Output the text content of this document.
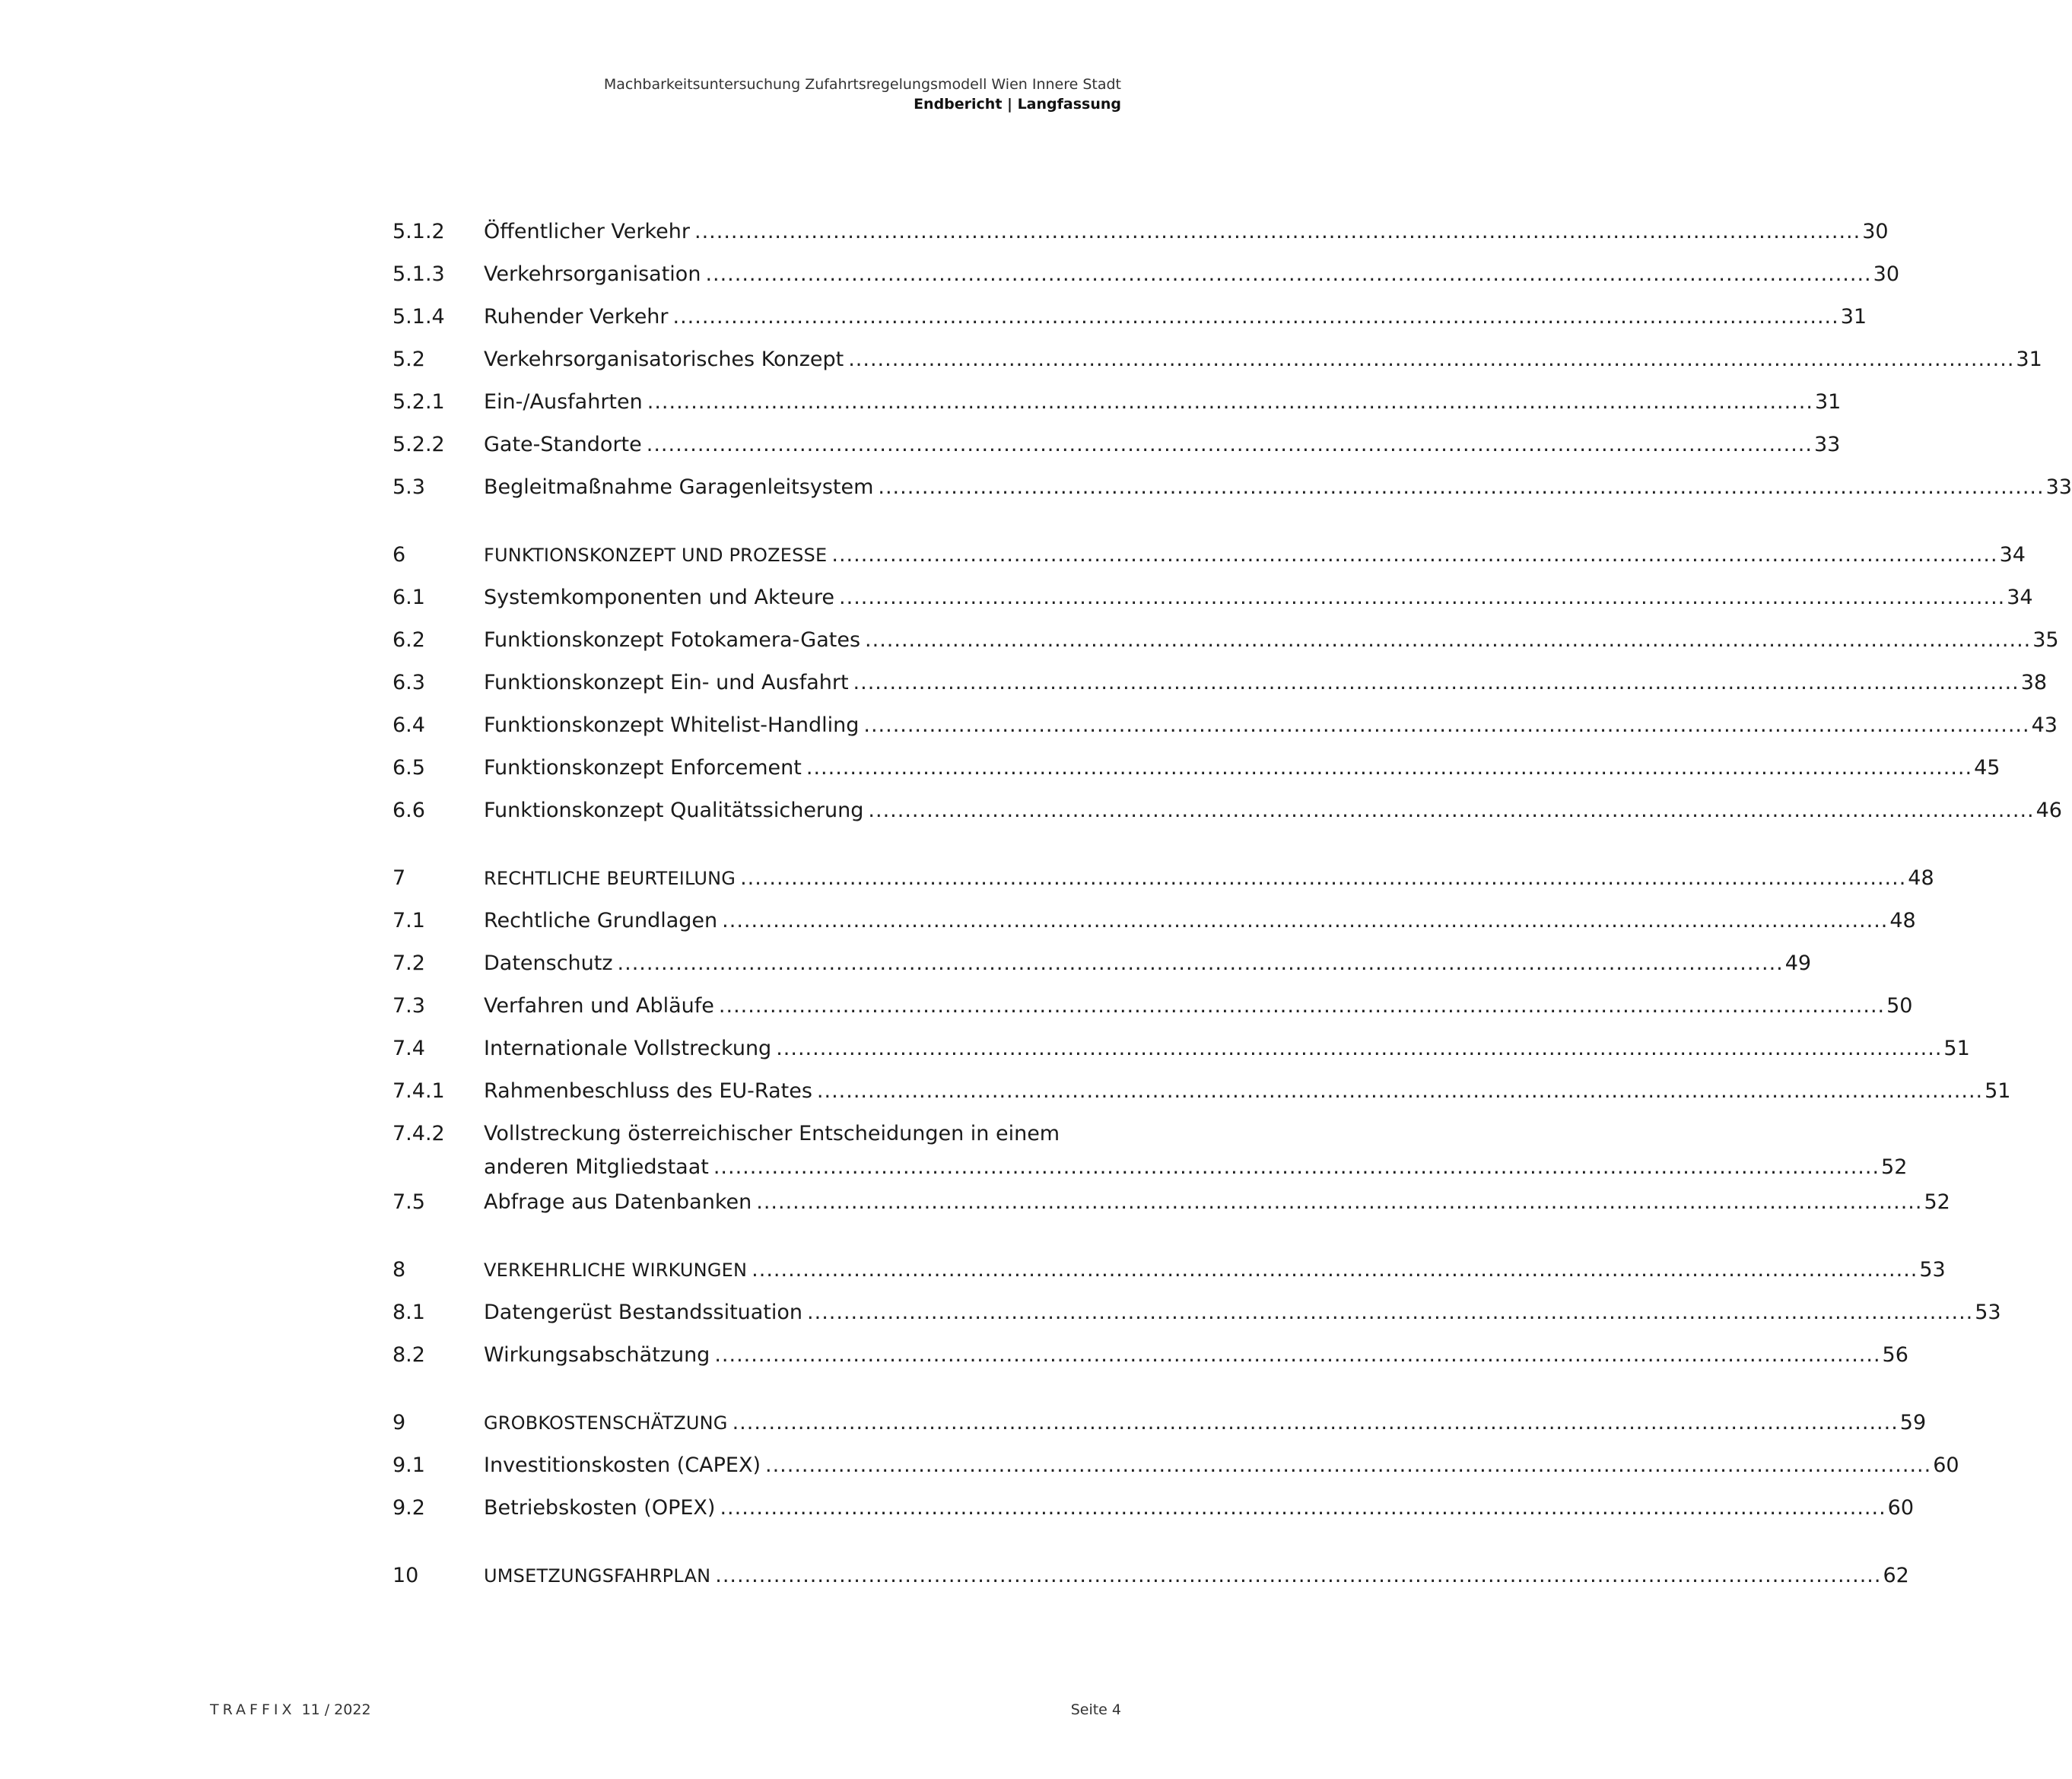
Machbarkeitsuntersuchung Zufahrtsregelungsmodell Wien Innere Stadt
Endbericht | Langfassung
5.1.2	Öffentlicher Verkehr .....	30
5.1.3	Verkehrsorganisation .....	30
5.1.4	Ruhender Verkehr .....	31
5.2	Verkehrsorganisatorisches Konzept .....	31
5.2.1	Ein-/Ausfahrten .....	31
5.2.2	Gate-Standorte .....	33
5.3	Begleitmaßnahme Garagenleitsystem .....	33
6	FUNKTIONSKONZEPT UND PROZESSE .....	34
6.1	Systemkomponenten und Akteure .....	34
6.2	Funktionskonzept Fotokamera-Gates .....	35
6.3	Funktionskonzept Ein- und Ausfahrt .....	38
6.4	Funktionskonzept Whitelist-Handling .....	43
6.5	Funktionskonzept Enforcement .....	45
6.6	Funktionskonzept Qualitätssicherung .....	46
7	RECHTLICHE BEURTEILUNG .....	48
7.1	Rechtliche Grundlagen .....	48
7.2	Datenschutz .....	49
7.3	Verfahren und Abläufe .....	50
7.4	Internationale Vollstreckung .....	51
7.4.1	Rahmenbeschluss des EU-Rates .....	51
7.4.2	Vollstreckung österreichischer Entscheidungen in einem
anderen Mitgliedstaat .....	52
7.5	Abfrage aus Datenbanken .....	52
8	VERKEHRLICHE WIRKUNGEN .....	53
8.1	Datengerüst Bestandssituation .....	53
8.2	Wirkungsabschätzung .....	56
9	GROBKOSTENSCHÄTZUNG .....	59
9.1	Investitionskosten (CAPEX) .....	60
9.2	Betriebskosten (OPEX) .....	60
10	UMSETZUNGSFAHRPLAN .....	62
TRAFFIX 11 / 2022	Seite 4
